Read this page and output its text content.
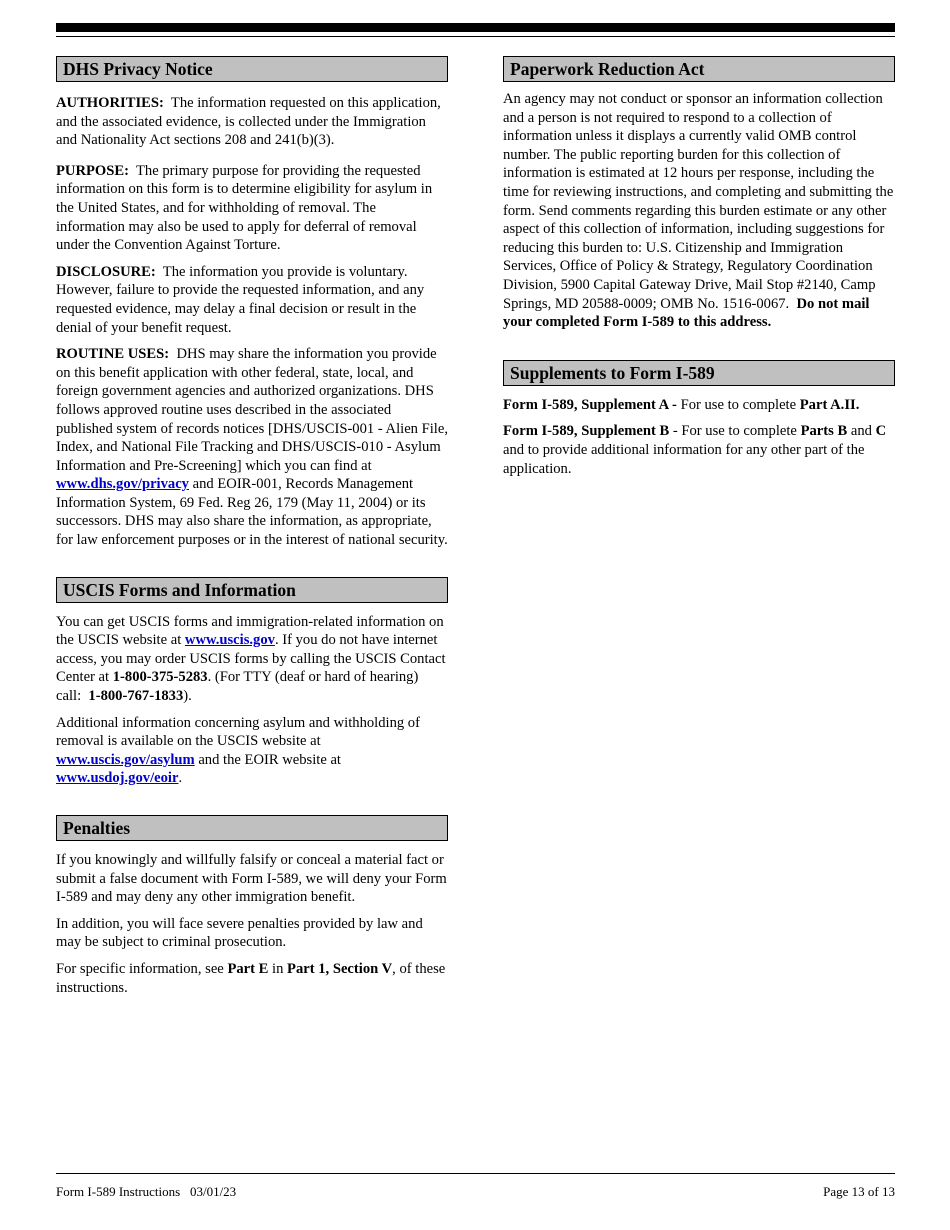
DHS Privacy Notice

AUTHORITIES: The information requested on this application, and the associated evidence, is collected under the Immigration and Nationality Act sections 208 and 241(b)(3).

PURPOSE: The primary purpose for providing the requested information on this form is to determine eligibility for asylum in the United States, and for withholding of removal. The information may also be used to apply for deferral of removal under the Convention Against Torture.

DISCLOSURE: The information you provide is voluntary. However, failure to provide the requested information, and any requested evidence, may delay a final decision or result in the denial of your benefit request.

ROUTINE USES: DHS may share the information you provide on this benefit application with other federal, state, local, and foreign government agencies and authorized organizations. DHS follows approved routine uses described in the associated published system of records notices [DHS/USCIS-001 - Alien File, Index, and National File Tracking and DHS/USCIS-010 - Asylum Information and Pre-Screening] which you can find at www.dhs.gov/privacy and EOIR-001, Records Management Information System, 69 Fed. Reg 26, 179 (May 11, 2004) or its successors. DHS may also share the information, as appropriate, for law enforcement purposes or in the interest of national security.

USCIS Forms and Information

You can get USCIS forms and immigration-related information on the USCIS website at www.uscis.gov. If you do not have internet access, you may order USCIS forms by calling the USCIS Contact Center at 1-800-375-5283. (For TTY (deaf or hard of hearing) call: 1-800-767-1833).

Additional information concerning asylum and withholding of removal is available on the USCIS website at www.uscis.gov/asylum and the EOIR website at www.usdoj.gov/eoir.

Penalties

If you knowingly and willfully falsify or conceal a material fact or submit a false document with Form I-589, we will deny your Form I-589 and may deny any other immigration benefit.

In addition, you will face severe penalties provided by law and may be subject to criminal prosecution.

For specific information, see Part E in Part 1, Section V, of these instructions.

Paperwork Reduction Act

An agency may not conduct or sponsor an information collection and a person is not required to respond to a collection of information unless it displays a currently valid OMB control number. The public reporting burden for this collection of information is estimated at 12 hours per response, including the time for reviewing instructions, and completing and submitting the form. Send comments regarding this burden estimate or any other aspect of this collection of information, including suggestions for reducing this burden to: U.S. Citizenship and Immigration Services, Office of Policy & Strategy, Regulatory Coordination Division, 5900 Capital Gateway Drive, Mail Stop #2140, Camp Springs, MD 20588-0009; OMB No. 1516-0067. Do not mail your completed Form I-589 to this address.

Supplements to Form I-589

Form I-589, Supplement A - For use to complete Part A.II.

Form I-589, Supplement B - For use to complete Parts B and C and to provide additional information for any other part of the application.

Form I-589 Instructions   03/01/23	Page 13 of 13
